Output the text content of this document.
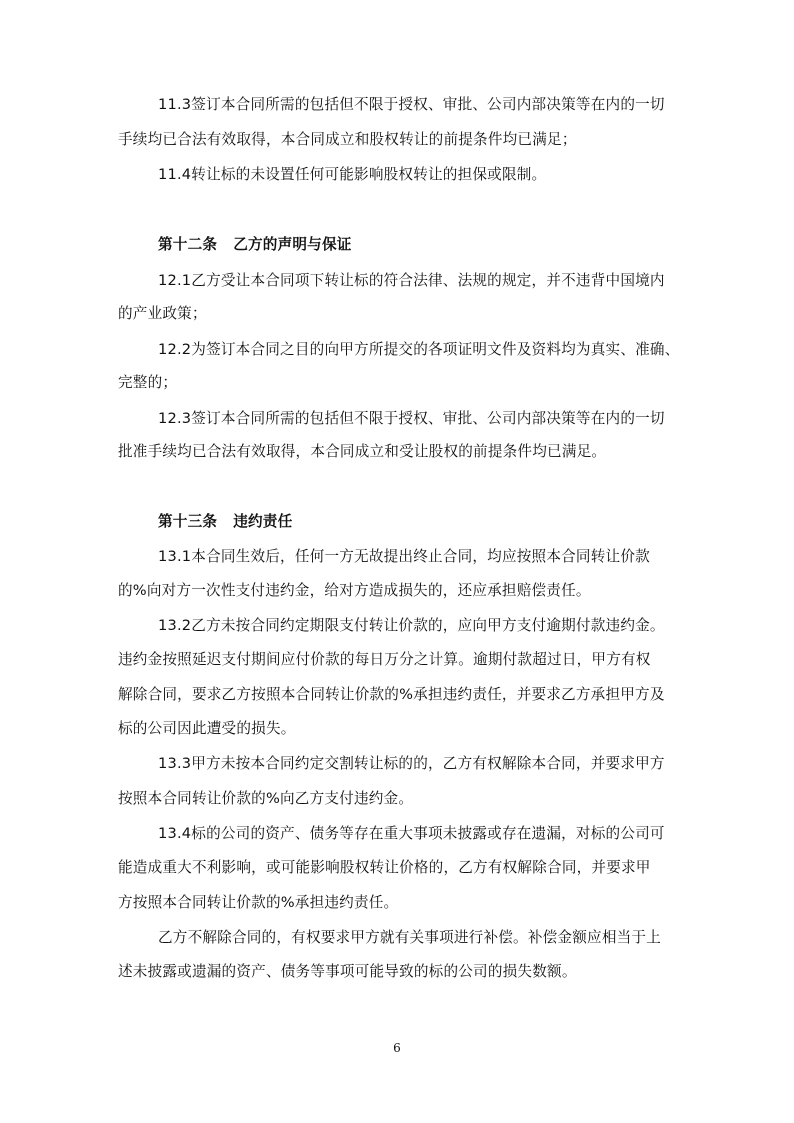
11.3签订本合同所需的包括但不限于授权、审批、公司内部决策等在内的一切
手续均已合法有效取得，本合同成立和股权转让的前提条件均已满足；
11.4转让标的未设置任何可能影响股权转让的担保或限制。
第十二条 乙方的声明与保证
12.1乙方受让本合同项下转让标的符合法律、法规的规定，并不违背中国境内
的产业政策；
12.2为签订本合同之目的向甲方所提交的各项证明文件及资料均为真实、准确、
完整的；
12.3签订本合同所需的包括但不限于授权、审批、公司内部决策等在内的一切
批准手续均已合法有效取得，本合同成立和受让股权的前提条件均已满足。
第十三条 违约责任
13.1本合同生效后，任何一方无故提出终止合同，均应按照本合同转让价款
的%向对方一次性支付违约金，给对方造成损失的，还应承担赔偿责任。
13.2乙方未按合同约定期限支付转让价款的，应向甲方支付逾期付款违约金。
违约金按照延迟支付期间应付价款的每日万分之计算。逾期付款超过日，甲方有权
解除合同，要求乙方按照本合同转让价款的%承担违约责任，并要求乙方承担甲方及
标的公司因此遭受的损失。
13.3甲方未按本合同约定交割转让标的的，乙方有权解除本合同，并要求甲方
按照本合同转让价款的%向乙方支付违约金。
13.4标的公司的资产、债务等存在重大事项未披露或存在遗漏，对标的公司可
能造成重大不利影响，或可能影响股权转让价格的，乙方有权解除合同，并要求甲
方按照本合同转让价款的%承担违约责任。
乙方不解除合同的，有权要求甲方就有关事项进行补偿。补偿金额应相当于上
述未披露或遗漏的资产、债务等事项可能导致的标的公司的损失数额。
6
